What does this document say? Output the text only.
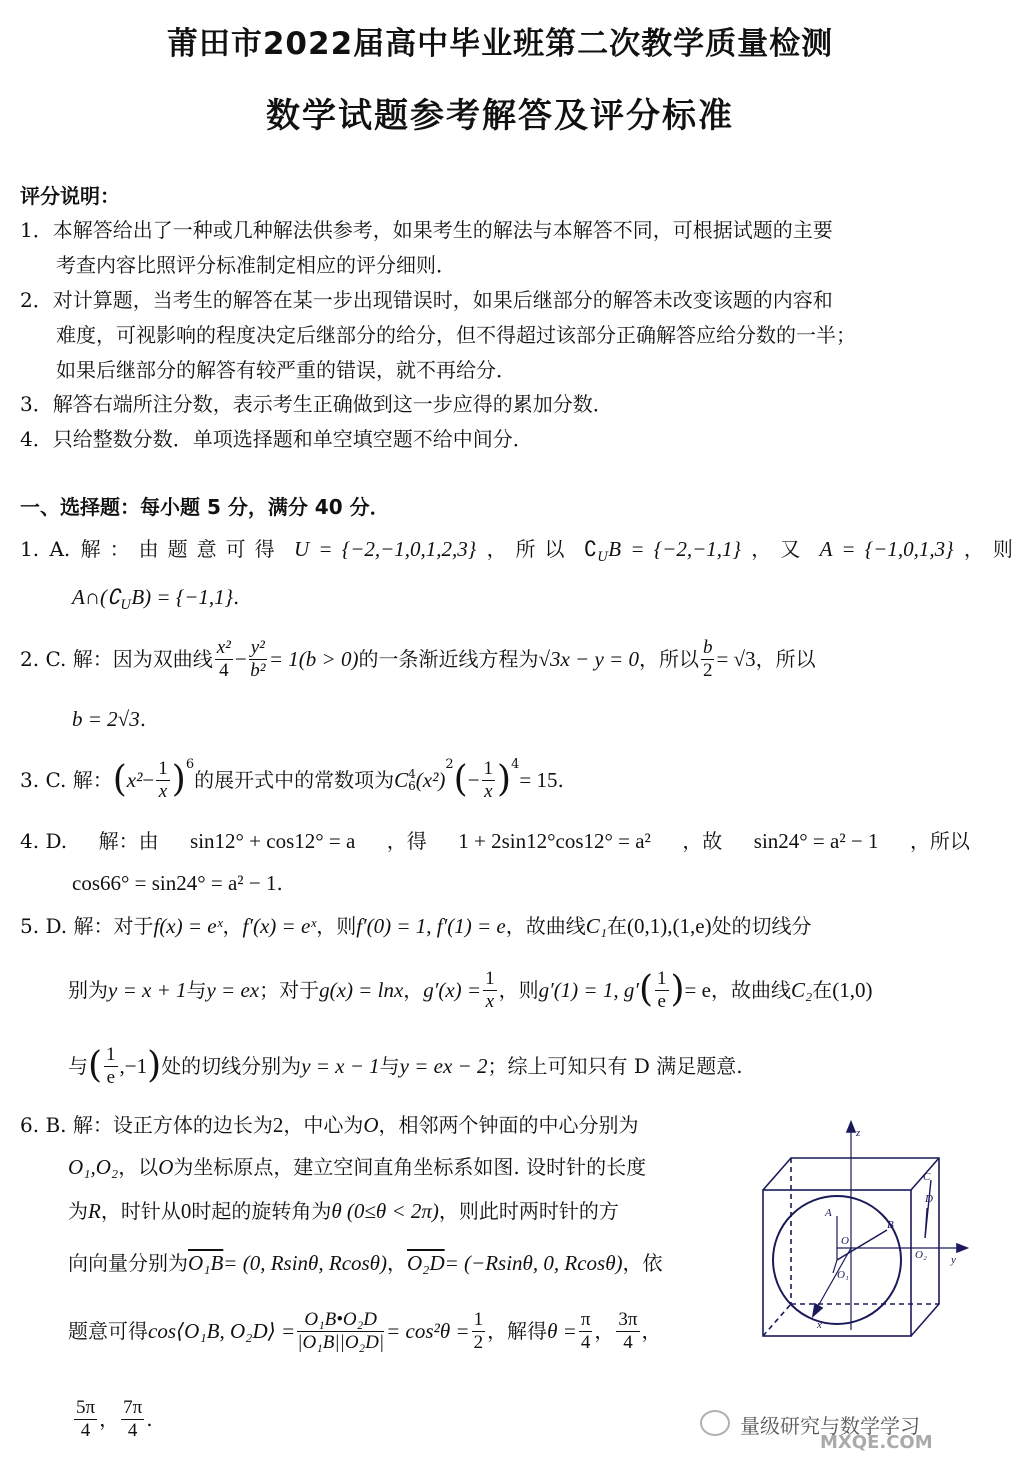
莆田市2022届高中毕业班第二次教学质量检测
数学试题参考解答及评分标准
评分说明：
1．本解答给出了一种或几种解法供参考，如果考生的解法与本解答不同，可根据试题的主要
考查内容比照评分标准制定相应的评分细则．
2．对计算题，当考生的解答在某一步出现错误时，如果后继部分的解答未改变该题的内容和
难度，可视影响的程度决定后继部分的给分，但不得超过该部分正确解答应给分数的一半；
如果后继部分的解答有较严重的错误，就不再给分．
3．解答右端所注分数，表示考生正确做到这一步应得的累加分数．
4．只给整数分数．单项选择题和单空填空题不给中间分．
一、选择题：每小题 5 分，满分 40 分．
1. A. 解：由题意可得 U = {−2,−1,0,1,2,3} ，所以 $∁_UB = \{-2,-1,1\}$ ，又 A = {−1,0,1,3} ，则
$A\cap(∁_UB) = \{-1,1\}$.
2. C.
解：因为双曲线 $\frac{\text{x²}}{4} - \frac{\text{y²}}{\text{b²}} = 1(b > 0)$ 的一条渐近线方程为 √3x − y = 0 ，所以 $\frac{b}{2} = √3$ ，所以
b = 2√3.
3. C.
解： ( $x^2 - \frac{1}{x} )^6$
的展开式中的常数项为 C 4
6 (x²)
$^2$ ( − $\frac{1}{x} )^4$
= 15 .
4. D. 解：由 sin12° + cos12° = a ，得 1 + 2sin12°cos12° = a² ，故 sin24° = a² − 1 ，所以
cos66° = sin24° = a² − 1.
5. D. 解：对于f(x) = eˣ，f′(x) = eˣ，则f′(0) = 1, f′(1) = e，故曲线C₁在(0,1),(1,e)处的切线分
别为 y = x + 1 与 y = ex ；对于 g(x) = lnx ， $g'(x) = \frac{1}{x}$ ，则 g′(1) = 1, g′ ( $\frac{1}{e}$ ) = e ，故曲线 C₂ 在 (1,0)
与 ( $\frac{1}{e} ,-1$ ) 处的切线分别为 y = x − 1 与 y = ex − 2 ；综上可知只有 D 满足题意.
6. B. 解：设正方体的边长为2，中心为O，相邻两个钟面的中心分别为
O₁,O₂，以O为坐标原点，建立空间直角坐标系如图. 设时针的长度
为R，时针从0时起的旋转角为θ (0≤θ < 2π)，则此时两时针的方
向向量分别为O₁B= (0, Rsinθ, Rcosθ)，O₂D= (−Rsinθ, 0, Rcosθ)，依
题意可得 cos⟨O₁B, O₂D⟩ = $\frac{\text{O₁B•O₂D}}{\text{|O₁B||O₂D|}} = \cos^2\theta = \frac{1}{2}$ ，解得 $\theta = \frac{\pi}{4}$ ， $\frac{3\pi}{4}$ ，
$\frac{5\pi}{4}$ ， $\frac{7\pi}{4}$ .
z
y
x
A
B
C
D
O
O₁
O₂
量级研究与数学学习
MXQE.COM
